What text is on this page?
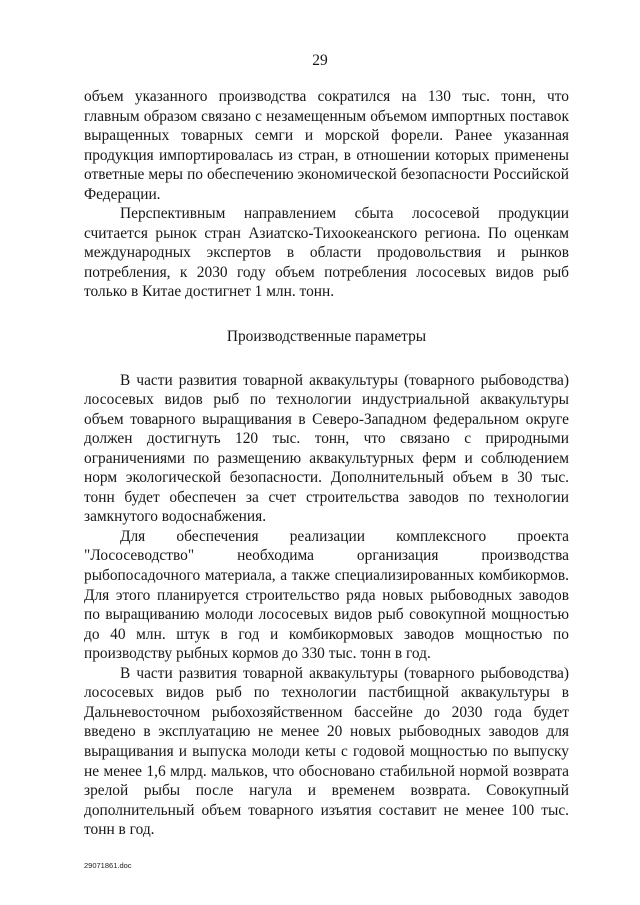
29

объем указанного производства сократился на 130 тыс. тонн, что главным образом связано с незамещенным объемом импортных поставок выращенных товарных семги и морской форели. Ранее указанная продукция импортировалась из стран, в отношении которых применены ответные меры по обеспечению экономической безопасности Российской Федерации.

Перспективным направлением сбыта лососевой продукции считается рынок стран Азиатско-Тихоокеанского региона. По оценкам международных экспертов в области продовольствия и рынков потребления, к 2030 году объем потребления лососевых видов рыб только в Китае достигнет 1 млн. тонн.

Производственные параметры

В части развития товарной аквакультуры (товарного рыбоводства) лососевых видов рыб по технологии индустриальной аквакультуры объем товарного выращивания в Северо-Западном федеральном округе должен достигнуть 120 тыс. тонн, что связано с природными ограничениями по размещению аквакультурных ферм и соблюдением норм экологической безопасности. Дополнительный объем в 30 тыс. тонн будет обеспечен за счет строительства заводов по технологии замкнутого водоснабжения.

Для обеспечения реализации комплексного проекта "Лососеводство" необходима организация производства рыбопосадочного материала, а также специализированных комбикормов. Для этого планируется строительство ряда новых рыбоводных заводов по выращиванию молоди лососевых видов рыб совокупной мощностью до 40 млн. штук в год и комбикормовых заводов мощностью по производству рыбных кормов до 330 тыс. тонн в год.

В части развития товарной аквакультуры (товарного рыбоводства) лососевых видов рыб по технологии пастбищной аквакультуры в Дальневосточном рыбохозяйственном бассейне до 2030 года будет введено в эксплуатацию не менее 20 новых рыбоводных заводов для выращивания и выпуска молоди кеты с годовой мощностью по выпуску не менее 1,6 млрд. мальков, что обосновано стабильной нормой возврата зрелой рыбы после нагула и временем возврата. Совокупный дополнительный объем товарного изъятия составит не менее 100 тыс. тонн в год.

29071861.doc
